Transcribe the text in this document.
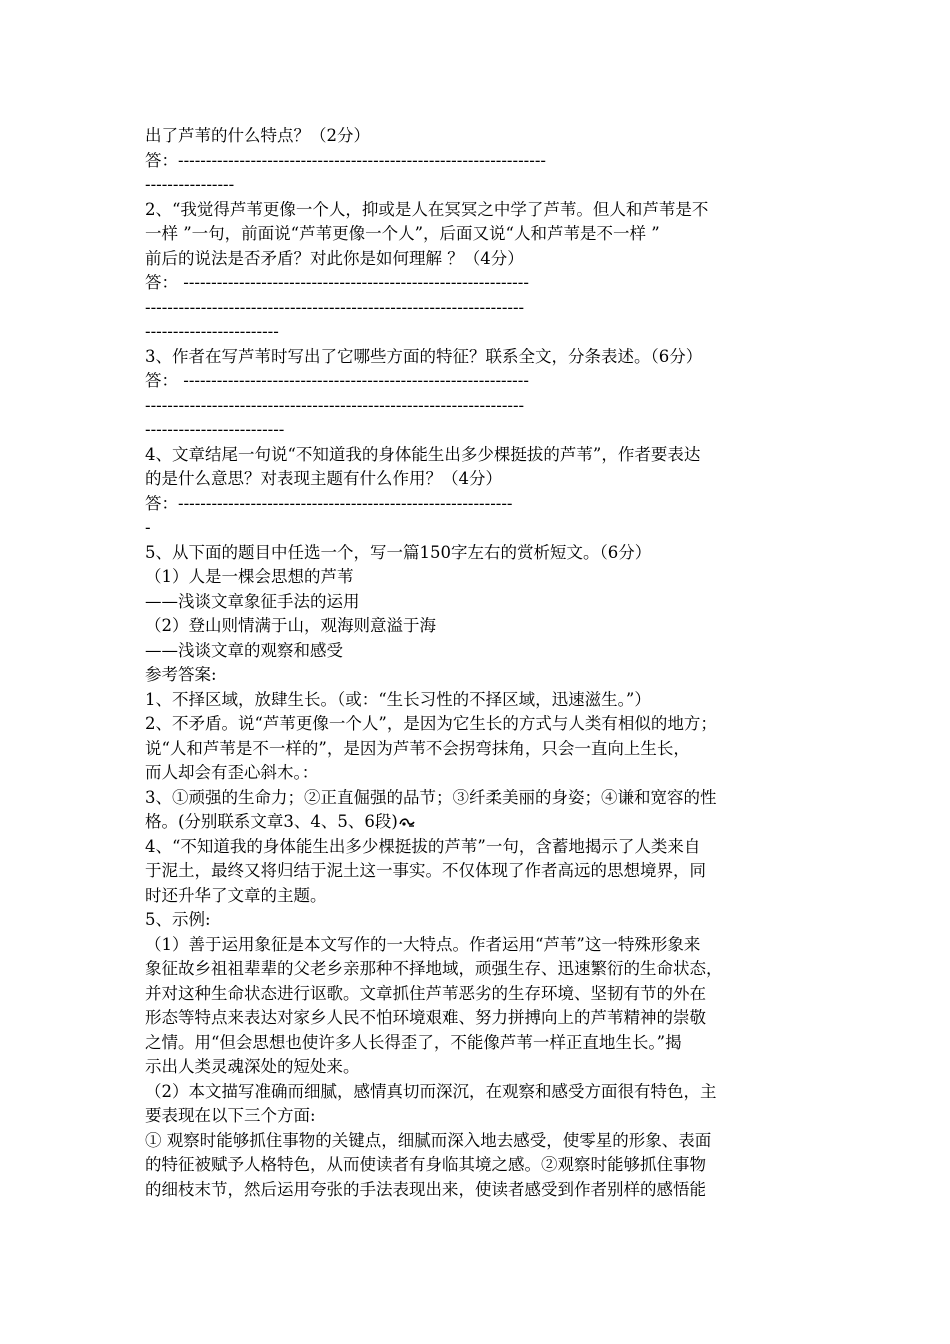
出了芦苇的什么特点？（2分）
答：------------------------------------------------------------------
----------------
2、“我觉得芦苇更像一个人，抑或是人在冥冥之中学了芦苇。但人和芦苇是不
一样 ”一句，前面说“芦苇更像一个人”，后面又说“人和芦苇是不一样 ”
前后的说法是否矛盾？对此你是如何理解 ？（4分）
答： --------------------------------------------------------------
--------------------------------------------------------------------
------------------------
3、作者在写芦苇时写出了它哪些方面的特征？联系全文，分条表述。（6分）
答： --------------------------------------------------------------
--------------------------------------------------------------------
-------------------------
4、文章结尾一句说“不知道我的身体能生出多少棵挺拔的芦苇”，作者要表达
的是什么意思？对表现主题有什么作用？（4分）
答：------------------------------------------------------------
-
5、从下面的题目中任选一个，写一篇150字左右的赏析短文。（6分）
（1）人是一棵会思想的芦苇
——浅谈文章象征手法的运用
（2）登山则情满于山，观海则意溢于海
——浅谈文章的观察和感受
参考答案:
1、不择区域，放肆生长。（或：“生长习性的不择区域，迅速滋生。”）
2、不矛盾。说“芦苇更像一个人”，是因为它生长的方式与人类有相似的地方；
说“人和芦苇是不一样的”，是因为芦苇不会拐弯抹角，只会一直向上生长，
而人却会有歪心斜木。：
3、①顽强的生命力；②正直倔强的品节；③纤柔美丽的身姿；④谦和宽容的性
格。(分别联系文章3、4、5、6段)
4、“不知道我的身体能生出多少棵挺拔的芦苇”一句，含蓄地揭示了人类来自
于泥土，最终又将归结于泥土这一事实。不仅体现了作者高远的思想境界，同
时还升华了文章的主题。
5、示例:
（1）善于运用象征是本文写作的一大特点。作者运用“芦苇”这一特殊形象来
象征故乡祖祖辈辈的父老乡亲那种不择地域，顽强生存、迅速繁衍的生命状态，
并对这种生命状态进行讴歌。文章抓住芦苇恶劣的生存环境、坚韧有节的外在
形态等特点来表达对家乡人民不怕环境艰难、努力拼搏向上的芦苇精神的崇敬
之情。用“但会思想也使许多人长得歪了，不能像芦苇一样正直地生长。”揭
示出人类灵魂深处的短处来。
（2）本文描写准确而细腻，感情真切而深沉，在观察和感受方面很有特色，主
要表现在以下三个方面:
① 观察时能够抓住事物的关键点，细腻而深入地去感受，使零星的形象、表面
的特征被赋予人格特色，从而使读者有身临其境之感。②观察时能够抓住事物
的细枝末节，然后运用夸张的手法表现出来，使读者感受到作者别样的感悟能
